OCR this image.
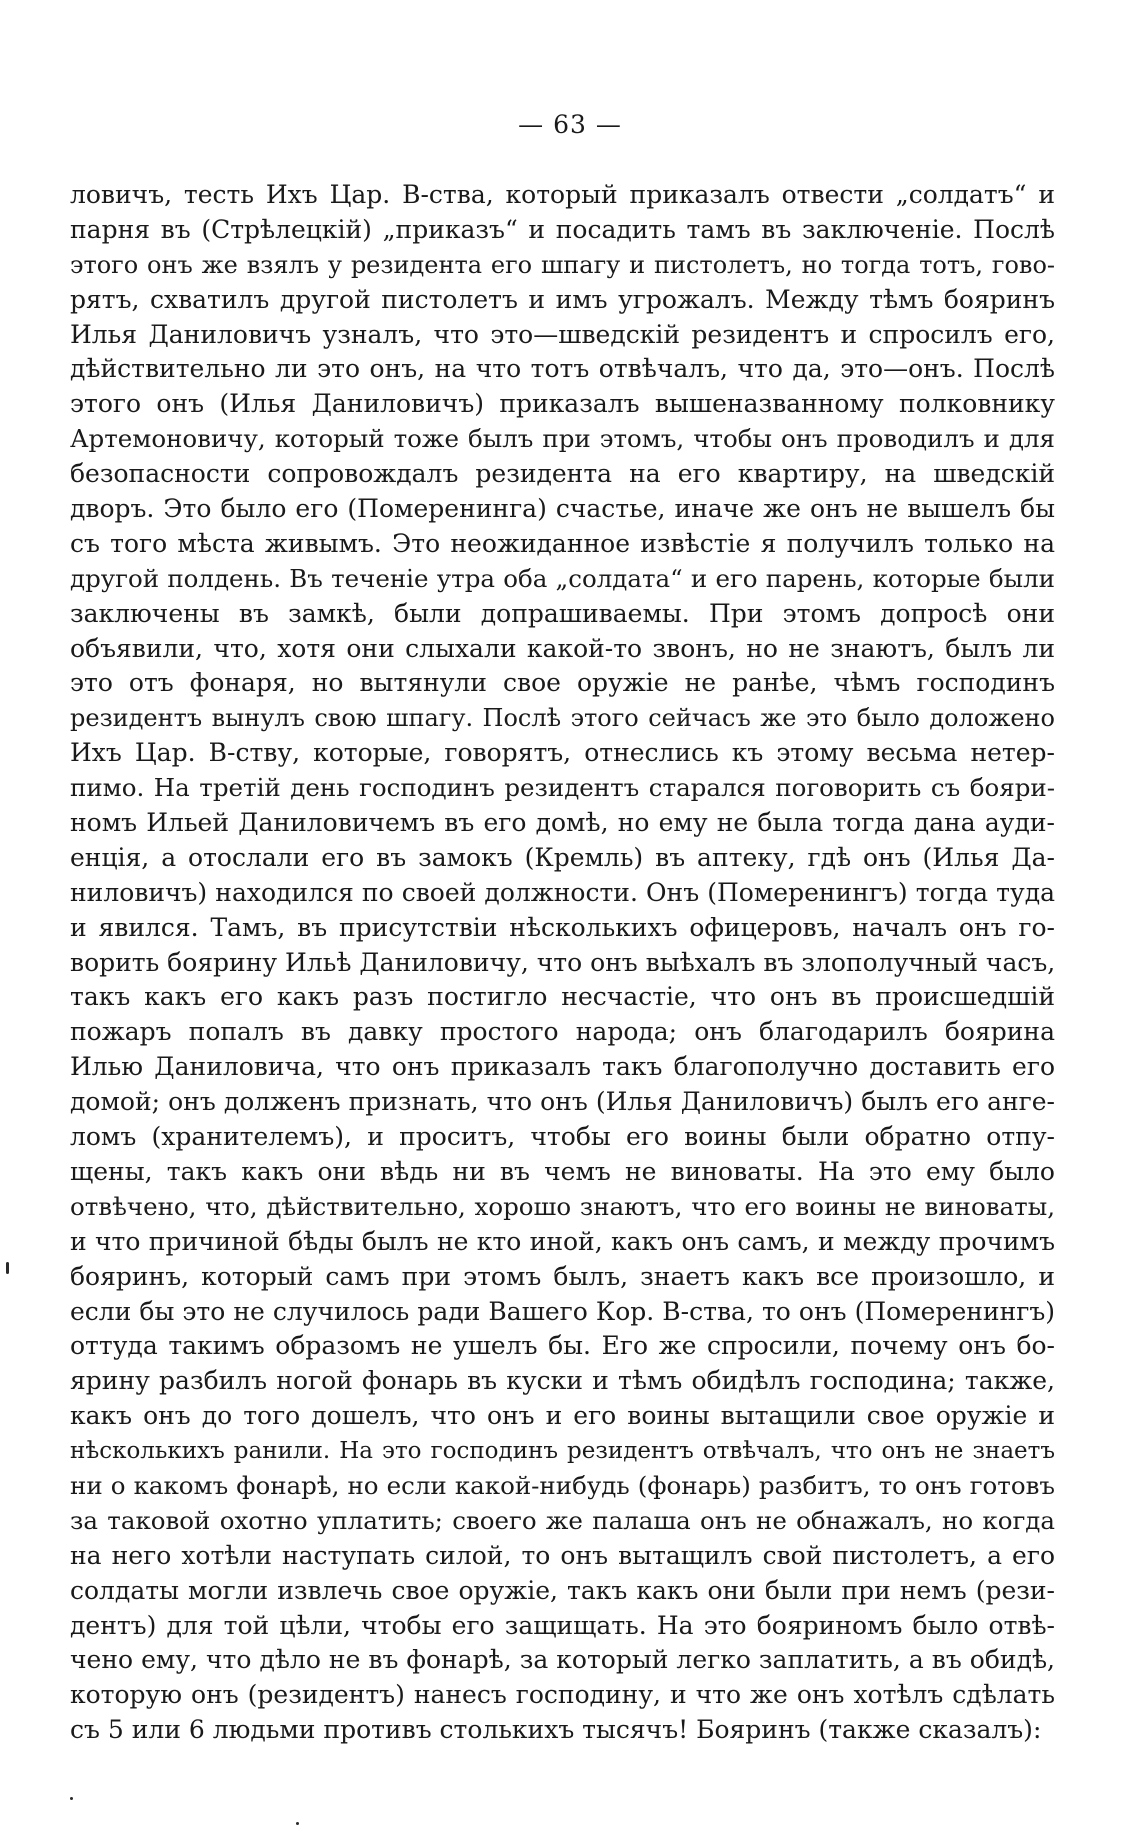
— 63 —
ловичъ, тесть Ихъ Цар. В-ства, который приказалъ отвести „солдатъ“ и
парня въ (Стрѣлецкій) „приказъ“ и посадить тамъ въ заключеніе. Послѣ
этого онъ же взялъ у резидента его шпагу и пистолетъ, но тогда тотъ, гово-
рятъ, схватилъ другой пистолетъ и имъ угрожалъ. Между тѣмъ бояринъ
Илья Даниловичъ узналъ, что это—шведскій резидентъ и спросилъ его,
дѣйствительно ли это онъ, на что тотъ отвѣчалъ, что да, это—онъ. Послѣ
этого онъ (Илья Даниловичъ) приказалъ вышеназванному полковнику
Артемоновичу, который тоже былъ при этомъ, чтобы онъ проводилъ и для
безопасности сопровождалъ резидента на его квартиру, на шведскій
дворъ. Это было его (Померенинга) счастье, иначе же онъ не вышелъ бы
съ того мѣста живымъ. Это неожиданное извѣстіе я получилъ только на
другой полдень. Въ теченіе утра оба „солдата“ и его парень, которые были
заключены въ замкѣ, были допрашиваемы. При этомъ допросѣ они
объявили, что, хотя они слыхали какой-то звонъ, но не знаютъ, былъ ли
это отъ фонаря, но вытянули свое оружіе не ранѣе, чѣмъ господинъ
резидентъ вынулъ свою шпагу. Послѣ этого сейчасъ же это было доложено
Ихъ Цар. В-ству, которые, говорятъ, отнеслись къ этому весьма нетер-
пимо. На третій день господинъ резидентъ старался поговорить съ бояри-
номъ Ильей Даниловичемъ въ его домѣ, но ему не была тогда дана ауди-
енція, а отослали его въ замокъ (Кремль) въ аптеку, гдѣ онъ (Илья Да-
ниловичъ) находился по своей должности. Онъ (Померенингъ) тогда туда
и явился. Тамъ, въ присутствіи нѣсколькихъ офицеровъ, началъ онъ го-
ворить боярину Ильѣ Даниловичу, что онъ выѣхалъ въ злополучный часъ,
такъ какъ его какъ разъ постигло несчастіе, что онъ въ происшедшій
пожаръ попалъ въ давку простого народа; онъ благодарилъ боярина
Илью Даниловича, что онъ приказалъ такъ благополучно доставить его
домой; онъ долженъ признать, что онъ (Илья Даниловичъ) былъ его анге-
ломъ (хранителемъ), и проситъ, чтобы его воины были обратно отпу-
щены, такъ какъ они вѣдь ни въ чемъ не виноваты. На это ему было
отвѣчено, что, дѣйствительно, хорошо знаютъ, что его воины не виноваты,
и что причиной бѣды былъ не кто иной, какъ онъ самъ, и между прочимъ
бояринъ, который самъ при этомъ былъ, знаетъ какъ все произошло, и
если бы это не случилось ради Вашего Кор. В-ства, то онъ (Померенингъ)
оттуда такимъ образомъ не ушелъ бы. Его же спросили, почему онъ бо-
ярину разбилъ ногой фонарь въ куски и тѣмъ обидѣлъ господина; также,
какъ онъ до того дошелъ, что онъ и его воины вытащили свое оружіе и
нѣсколькихъ ранили. На это господинъ резидентъ отвѣчалъ, что онъ не знаетъ
ни о какомъ фонарѣ, но если какой-нибудь (фонарь) разбитъ, то онъ готовъ
за таковой охотно уплатить; своего же палаша онъ не обнажалъ, но когда
на него хотѣли наступать силой, то онъ вытащилъ свой пистолетъ, а его
солдаты могли извлечь свое оружіе, такъ какъ они были при немъ (рези-
дентъ) для той цѣли, чтобы его защищать. На это бояриномъ было отвѣ-
чено ему, что дѣло не въ фонарѣ, за который легко заплатить, а въ обидѣ,
которую онъ (резидентъ) нанесъ господину, и что же онъ хотѣлъ сдѣлать
съ 5 или 6 людьми противъ столькихъ тысячъ! Бояринъ (также сказалъ):
